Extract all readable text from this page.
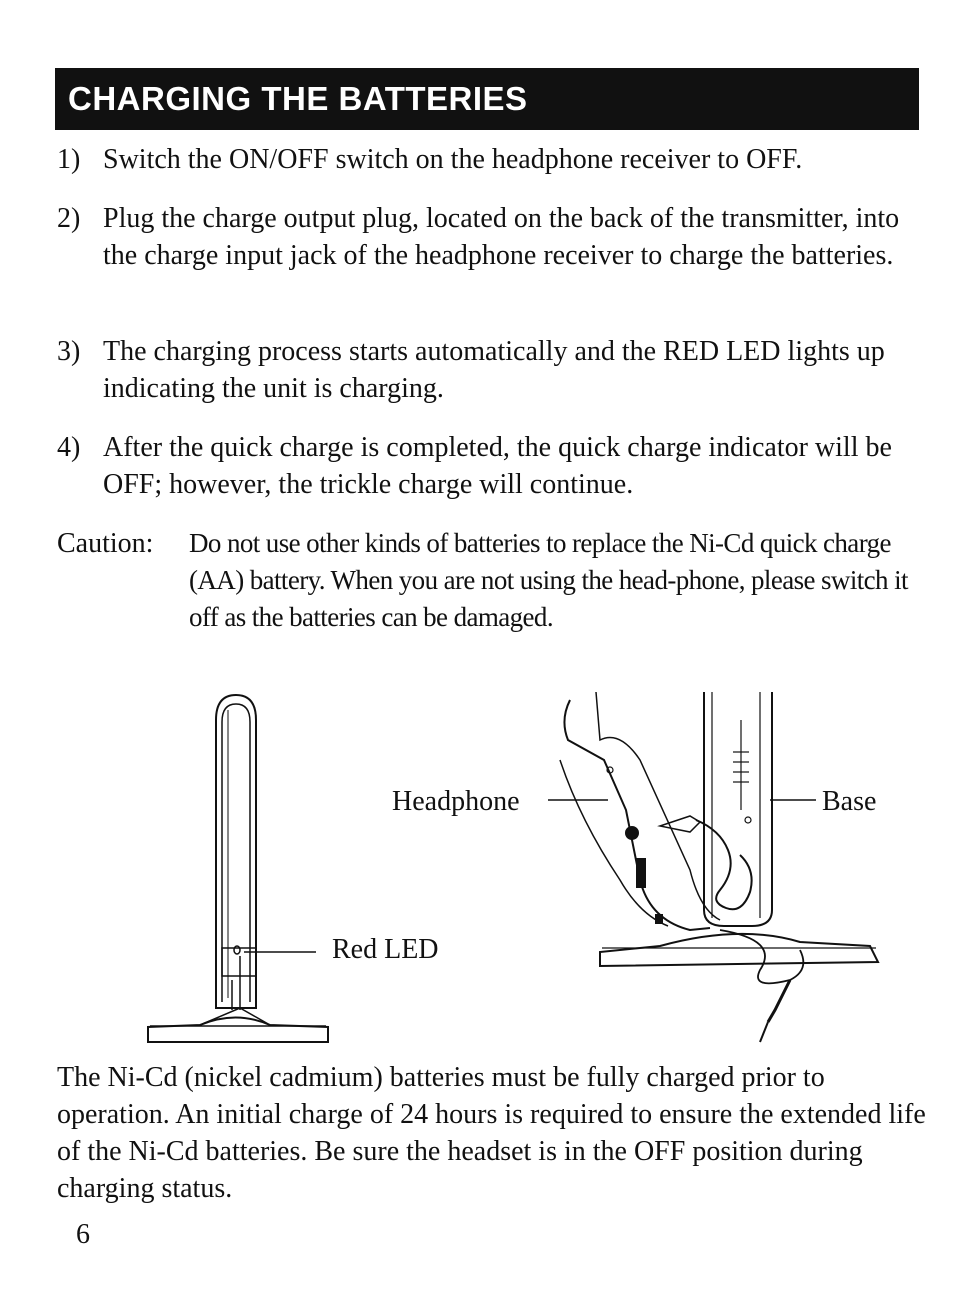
CHARGING THE BATTERIES
1) Switch the ON/OFF switch on the headphone receiver to OFF.
2) Plug the charge output plug, located on the back of the transmitter, into the charge input jack of the headphone receiver to charge the batteries.
3) The charging process starts automatically and the RED LED lights up indicating the unit is charging.
4) After the quick charge is completed, the quick charge indicator will be OFF; however, the trickle charge will continue.
Caution: Do not use other kinds of batteries to replace the Ni-Cd quick charge (AA) battery. When you are not using the head-phone, please switch it off as the batteries can be damaged.
Headphone	Base
Red LED
The Ni-Cd (nickel cadmium) batteries must be fully charged prior to operation. An initial charge of 24 hours is required to ensure the extended life of the Ni-Cd batteries. Be sure the headset is in the OFF position during charging status.
6
